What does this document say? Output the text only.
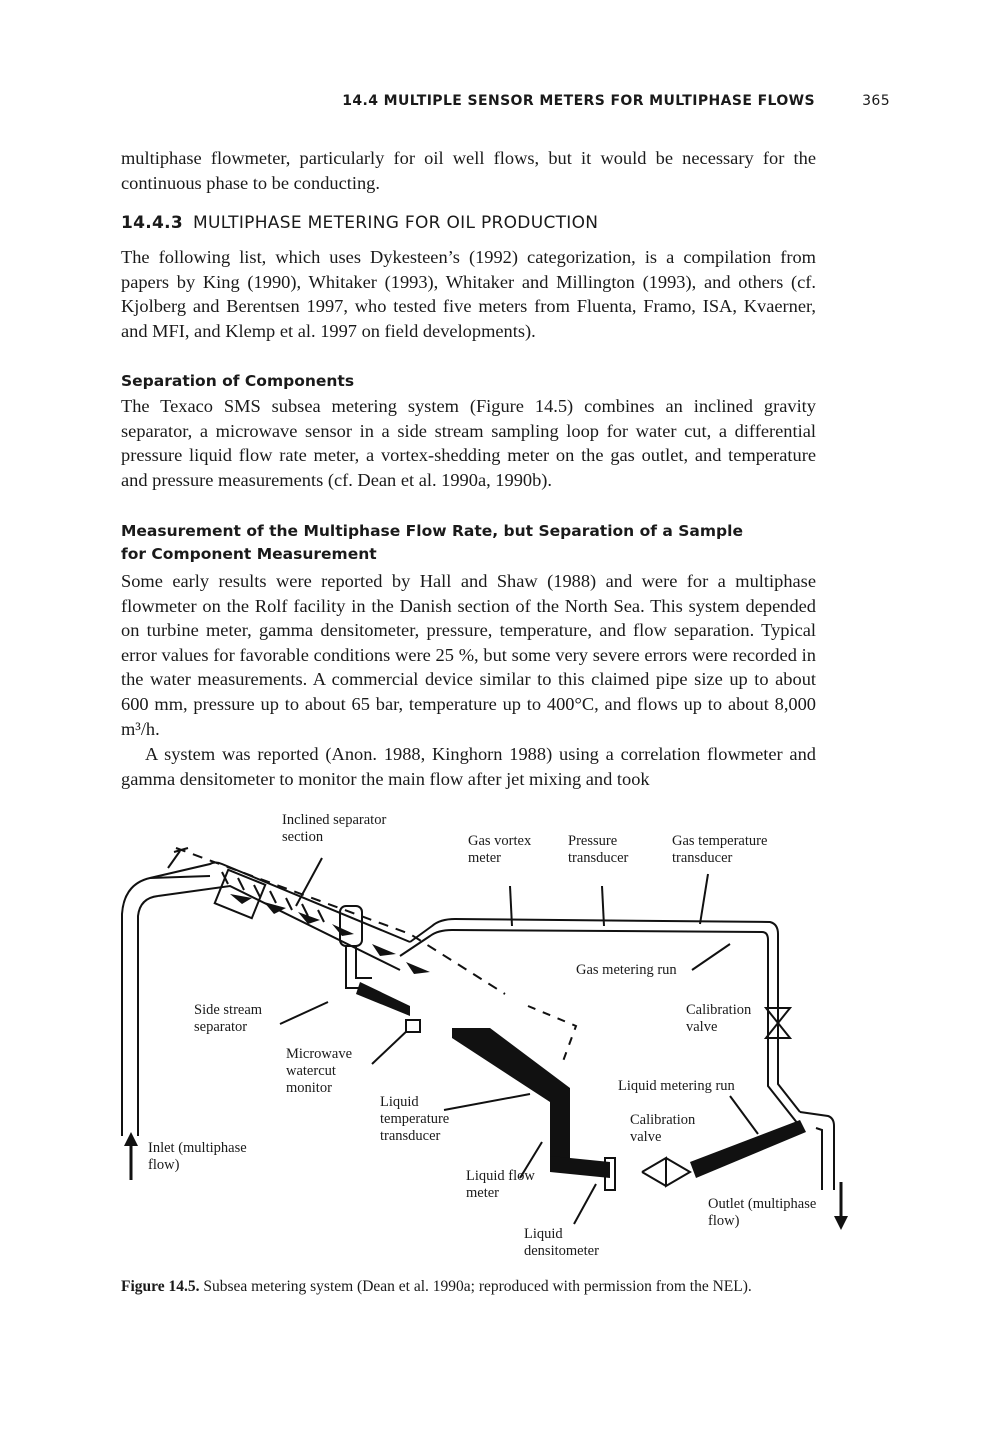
14.4 MULTIPLE SENSOR METERS FOR MULTIPHASE FLOWS	365

multiphase flowmeter, particularly for oil well flows, but it would be necessary for the continuous phase to be conducting.

14.4.3 MULTIPHASE METERING FOR OIL PRODUCTION

The following list, which uses Dykesteen’s (1992) categorization, is a compilation from papers by King (1990), Whitaker (1993), Whitaker and Millington (1993), and others (cf. Kjolberg and Berentsen 1997, who tested five meters from Fluenta, Framo, ISA, Kvaerner, and MFI, and Klemp et al. 1997 on field developments).

Separation of Components

The Texaco SMS subsea metering system (Figure 14.5) combines an inclined gravity separator, a microwave sensor in a side stream sampling loop for water cut, a differential pressure liquid flow rate meter, a vortex-shedding meter on the gas outlet, and temperature and pressure measurements (cf. Dean et al. 1990a, 1990b).

Measurement of the Multiphase Flow Rate, but Separation of a Sample for Component Measurement

Some early results were reported by Hall and Shaw (1988) and were for a multiphase flowmeter on the Rolf facility in the Danish section of the North Sea. This system depended on turbine meter, gamma densitometer, pressure, temperature, and flow separation. Typical error values for favorable conditions were 25 %, but some very severe errors were recorded in the water measurements. A commercial device similar to this claimed pipe size up to about 600 mm, pressure up to about 65 bar, temperature up to 400°C, and flows up to about 8,000 m³/h.

A system was reported (Anon. 1988, Kinghorn 1988) using a correlation flowmeter and gamma densitometer to monitor the main flow after jet mixing and took

Inclined separator section	Gas vortex meter
Pressure transducer
Gas temperature transducer
Gas metering run
Side stream separator
Calibration valve
Microwave watercut monitor	Liquid metering run
Liquid temperature transducer
Calibration valve
Inlet (multiphase flow)
Liquid flow meter
Outlet (multiphase flow)
Liquid densitometer

Figure 14.5. Subsea metering system (Dean et al. 1990a; reproduced with permission from the NEL).
